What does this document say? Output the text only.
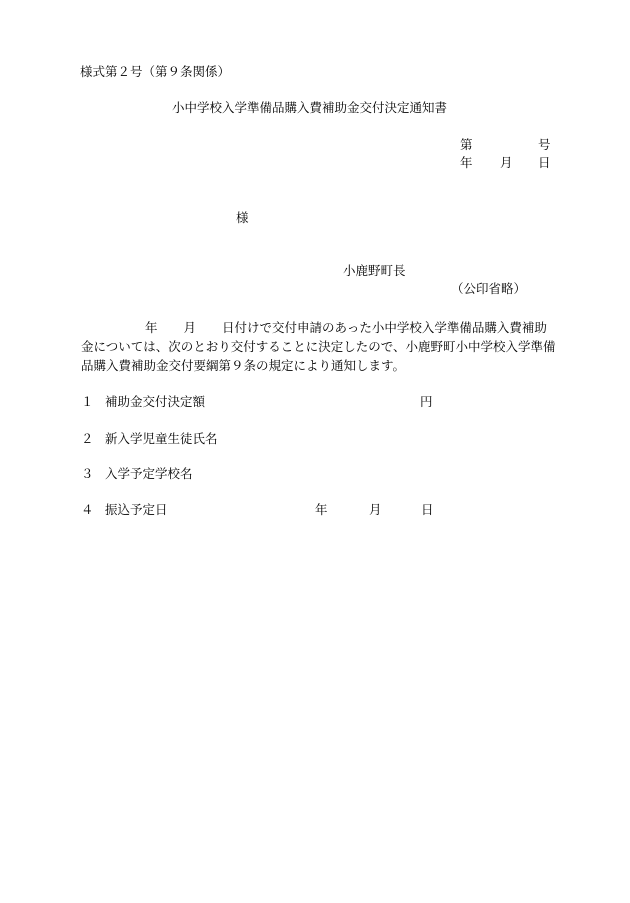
様式第２号（第９条関係）
小中学校入学準備品購入費補助金交付決定通知書
第	号
年 月 日
様
小鹿野町長
（公印省略）
年 月 日付けで交付申請のあった小中学校入学準備品購入費補助金については、次のとおり交付することに決定したので、小鹿野町小中学校入学準備品購入費補助金交付要綱第９条の規定により通知します。
１ 補助金交付決定額	円
２ 新入学児童生徒氏名
３ 入学予定学校名
４ 振込予定日	年	月	日
